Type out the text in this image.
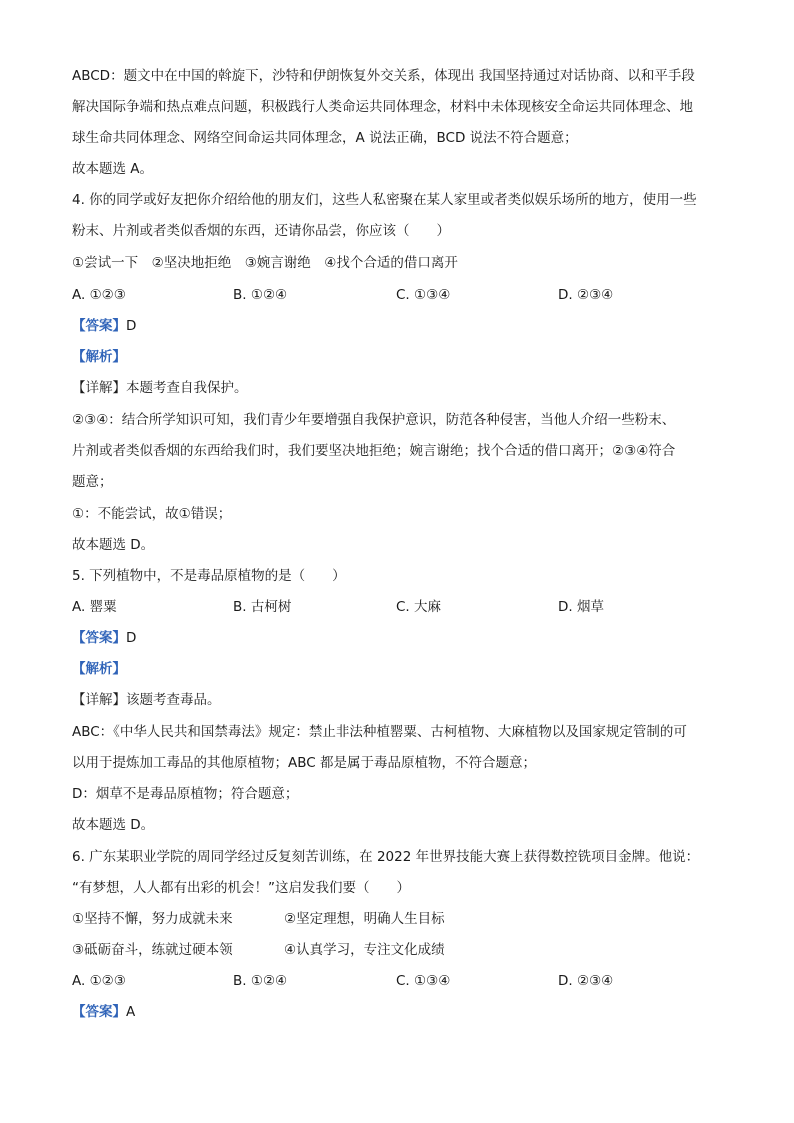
ABCD：题文中在中国的斡旋下，沙特和伊朗恢复外交关系，体现出 我国坚持通过对话协商、以和平手段
解决国际争端和热点难点问题，积极践行人类命运共同体理念，材料中未体现核安全命运共同体理念、地
球生命共同体理念、网络空间命运共同体理念，A 说法正确，BCD 说法不符合题意；
故本题选 A。
4. 你的同学或好友把你介绍给他的朋友们，这些人私密聚在某人家里或者类似娱乐场所的地方，使用一些
粉末、片剂或者类似香烟的东西，还请你品尝，你应该（　　）
①尝试一下　②坚决地拒绝　③婉言谢绝　④找个合适的借口离开
A. ①②③	B. ①②④	C. ①③④	D. ②③④
【答案】D
【解析】
【详解】本题考查自我保护。
②③④：结合所学知识可知，我们青少年要增强自我保护意识，防范各种侵害，当他人介绍一些粉末、
片剂或者类似香烟的东西给我们时，我们要坚决地拒绝；婉言谢绝；找个合适的借口离开；②③④符合
题意；
①：不能尝试，故①错误；
故本题选 D。
5. 下列植物中，不是毒品原植物的是（　　）
A. 罂粟	B. 古柯树	C. 大麻	D. 烟草
【答案】D
【解析】
【详解】该题考查毒品。
ABC：《中华人民共和国禁毒法》规定：禁止非法种植罂粟、古柯植物、大麻植物以及国家规定管制的可
以用于提炼加工毒品的其他原植物；ABC 都是属于毒品原植物，不符合题意；
D：烟草不是毒品原植物；符合题意；
故本题选 D。
6. 广东某职业学院的周同学经过反复刻苦训练，在 2022 年世界技能大赛上获得数控铣项目金牌。他说：
“有梦想，人人都有出彩的机会！”这启发我们要（　　）
①坚持不懈，努力成就未来	②坚定理想，明确人生目标
③砥砺奋斗，练就过硬本领	④认真学习，专注文化成绩
A. ①②③	B. ①②④	C. ①③④	D. ②③④
【答案】A
